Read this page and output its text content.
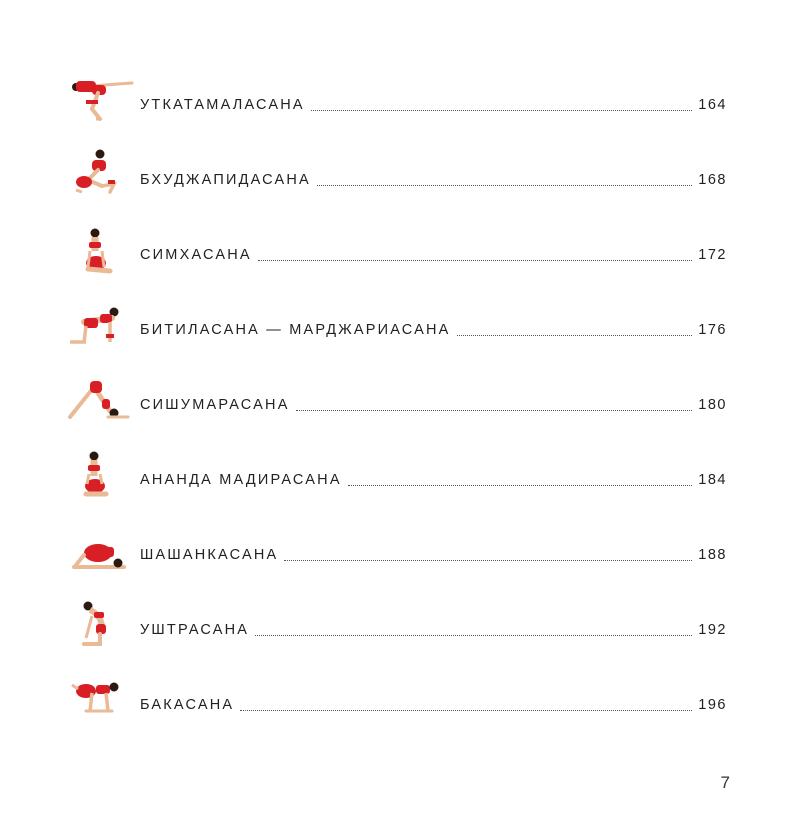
УТКАТАМАЛАСАНА	164
БХУДЖАПИДАСАНА	168
СИМХАСАНА	172
БИТИЛАСАНА — МАРДЖАРИАСАНА	176
СИШУМАРАСАНА	180
АНАНДА МАДИРАСАНА	184
ШАШАНКАСАНА	188
УШТРАСАНА	192
БАКАСАНА	196
7
